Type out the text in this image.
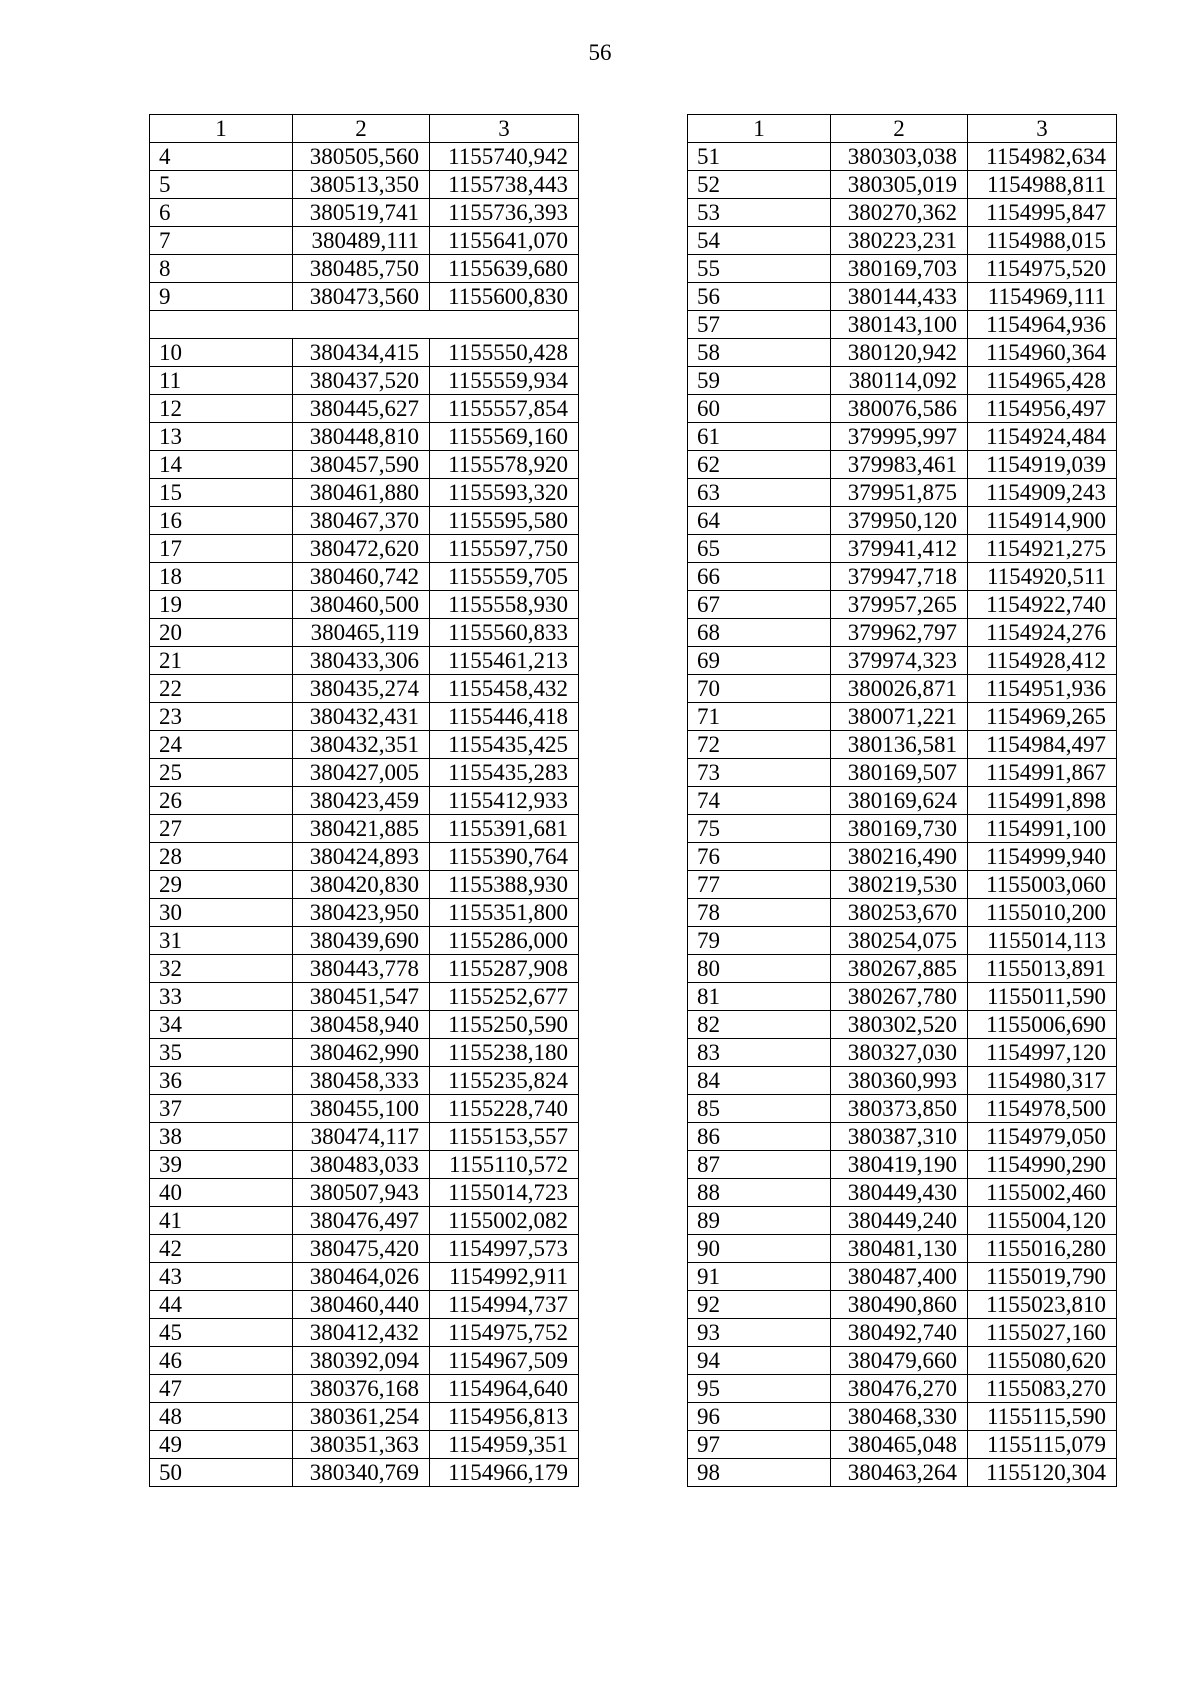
56
1	2	3
4	380505,560	1155740,942
5	380513,350	1155738,443
6	380519,741	1155736,393
7	380489,111	1155641,070
8	380485,750	1155639,680
9	380473,560	1155600,830

10	380434,415	1155550,428
11	380437,520	1155559,934
12	380445,627	1155557,854
13	380448,810	1155569,160
14	380457,590	1155578,920
15	380461,880	1155593,320
16	380467,370	1155595,580
17	380472,620	1155597,750
18	380460,742	1155559,705
19	380460,500	1155558,930
20	380465,119	1155560,833
21	380433,306	1155461,213
22	380435,274	1155458,432
23	380432,431	1155446,418
24	380432,351	1155435,425
25	380427,005	1155435,283
26	380423,459	1155412,933
27	380421,885	1155391,681
28	380424,893	1155390,764
29	380420,830	1155388,930
30	380423,950	1155351,800
31	380439,690	1155286,000
32	380443,778	1155287,908
33	380451,547	1155252,677
34	380458,940	1155250,590
35	380462,990	1155238,180
36	380458,333	1155235,824
37	380455,100	1155228,740
38	380474,117	1155153,557
39	380483,033	1155110,572
40	380507,943	1155014,723
41	380476,497	1155002,082
42	380475,420	1154997,573
43	380464,026	1154992,911
44	380460,440	1154994,737
45	380412,432	1154975,752
46	380392,094	1154967,509
47	380376,168	1154964,640
48	380361,254	1154956,813
49	380351,363	1154959,351
50	380340,769	1154966,179
1	2	3
51	380303,038	1154982,634
52	380305,019	1154988,811
53	380270,362	1154995,847
54	380223,231	1154988,015
55	380169,703	1154975,520
56	380144,433	1154969,111
57	380143,100	1154964,936
58	380120,942	1154960,364
59	380114,092	1154965,428
60	380076,586	1154956,497
61	379995,997	1154924,484
62	379983,461	1154919,039
63	379951,875	1154909,243
64	379950,120	1154914,900
65	379941,412	1154921,275
66	379947,718	1154920,511
67	379957,265	1154922,740
68	379962,797	1154924,276
69	379974,323	1154928,412
70	380026,871	1154951,936
71	380071,221	1154969,265
72	380136,581	1154984,497
73	380169,507	1154991,867
74	380169,624	1154991,898
75	380169,730	1154991,100
76	380216,490	1154999,940
77	380219,530	1155003,060
78	380253,670	1155010,200
79	380254,075	1155014,113
80	380267,885	1155013,891
81	380267,780	1155011,590
82	380302,520	1155006,690
83	380327,030	1154997,120
84	380360,993	1154980,317
85	380373,850	1154978,500
86	380387,310	1154979,050
87	380419,190	1154990,290
88	380449,430	1155002,460
89	380449,240	1155004,120
90	380481,130	1155016,280
91	380487,400	1155019,790
92	380490,860	1155023,810
93	380492,740	1155027,160
94	380479,660	1155080,620
95	380476,270	1155083,270
96	380468,330	1155115,590
97	380465,048	1155115,079
98	380463,264	1155120,304
